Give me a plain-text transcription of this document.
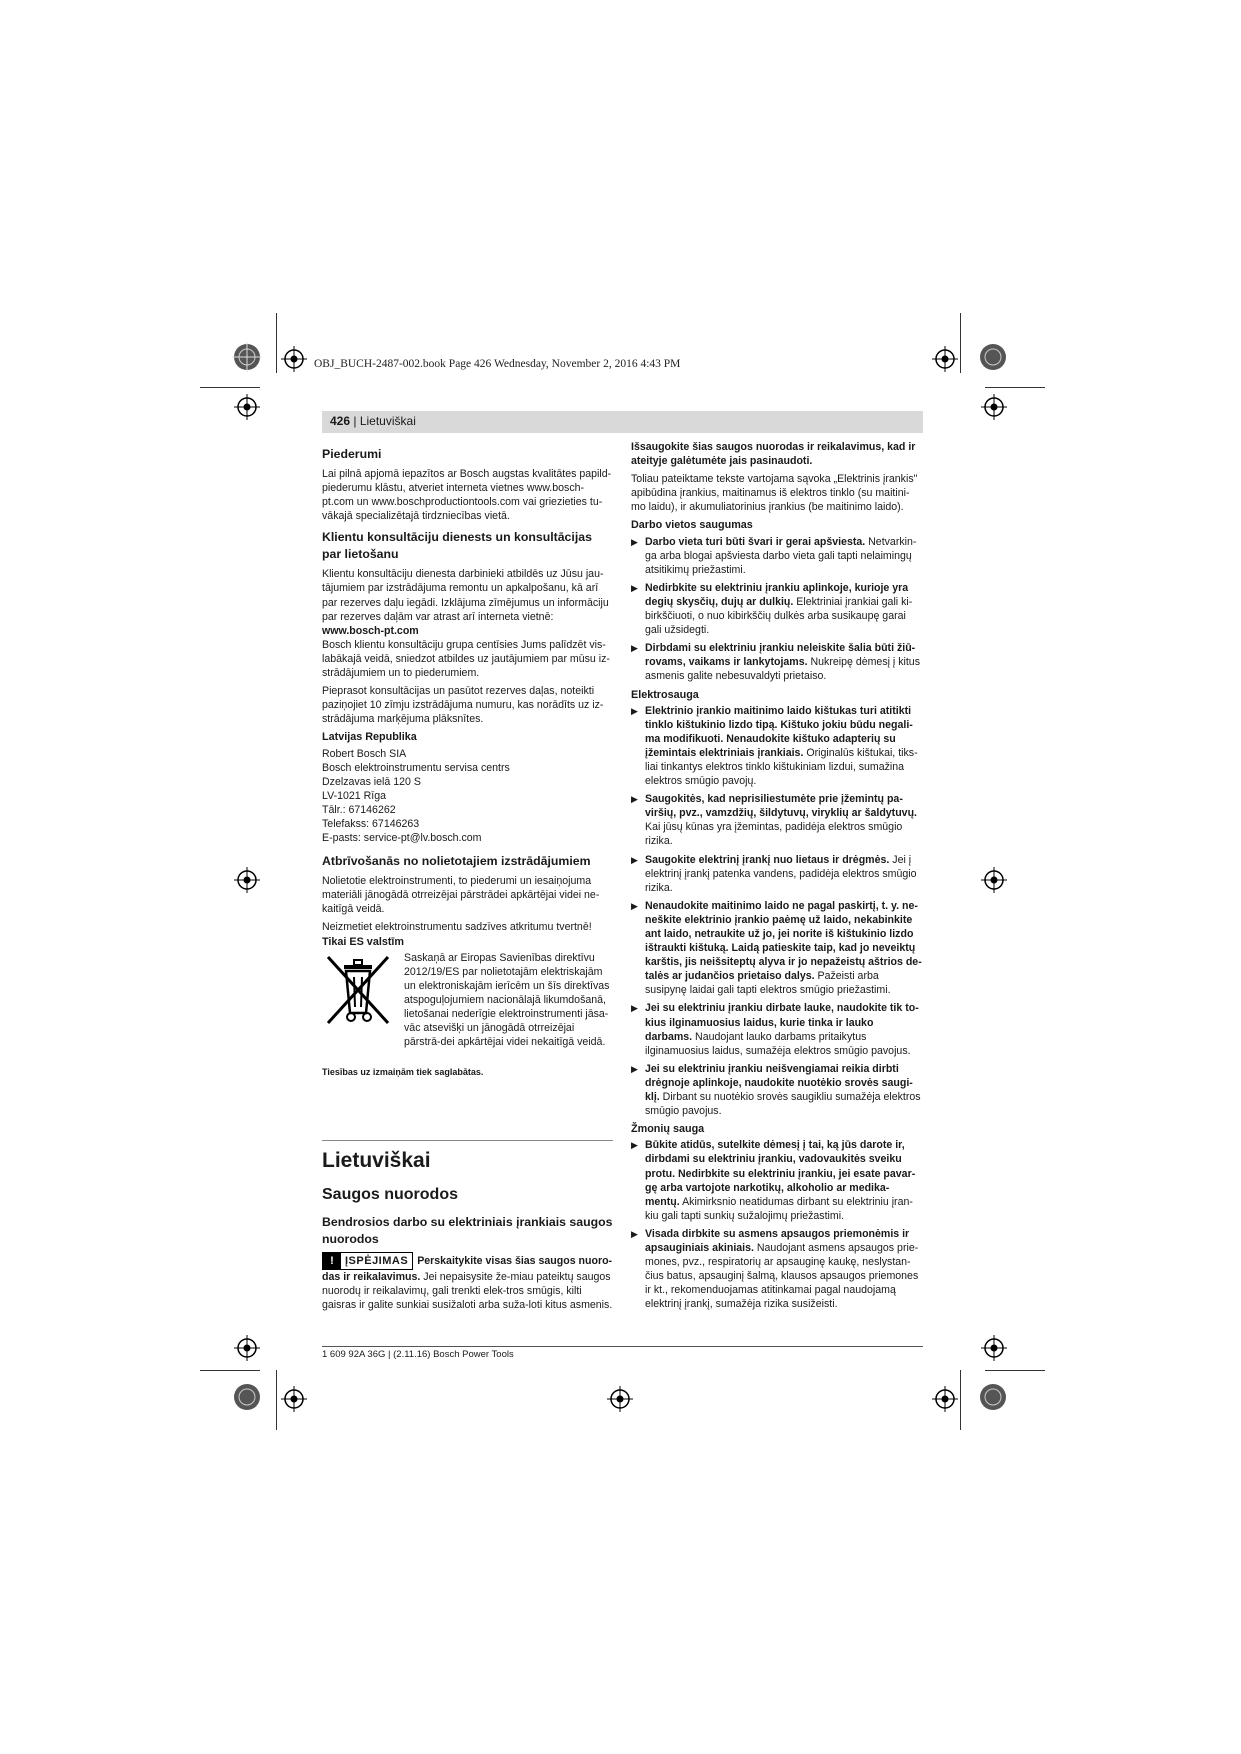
OBJ_BUCH-2487-002.book Page 426 Wednesday, November 2, 2016 4:43 PM
426 | Lietuviškai
Piederumi

Lai pilnā apjomā iepazītos ar Bosch augstas kvalitātes papild-piederumu klāstu, atveriet interneta vietnes www.bosch-pt.com un www.boschproductiontools.com vai griezieties tu-vākajā specializētajā tirdzniecības vietā.

Klientu konsultāciju dienests un konsultācijas par lietošanu

Klientu konsultāciju dienesta darbinieki atbildēs uz Jūsu jau-tājumiem par izstrādājuma remontu un apkalpošanu, kā arī par rezerves daļu iegādi. Izklājuma zīmējumus un informāciju par rezerves daļām var atrast arī interneta vietnē:
www.bosch-pt.com

Bosch klientu konsultāciju grupa centīsies Jums palīdzēt vis-labākajā veidā, sniedzot atbildes uz jautājumiem par mūsu iz-strādājumiem un to piederumiem.

Pieprasot konsultācijas un pasūtot rezerves daļas, noteikti paziņojiet 10 zīmju izstrādājuma numuru, kas norādīts uz iz-strādājuma marķējuma plāksnītes.

Latvijas Republika

Robert Bosch SIA

Bosch elektroinstrumentu servisa centrs

Dzelzavas ielā 120 S

LV-1021 Rīga

Tālr.: 67146262

Telefakss: 67146263

E-pasts: service-pt@lv.bosch.com

Atbrīvošanās no nolietotajiem izstrādājumiem

Nolietotie elektroinstrumenti, to piederumi un iesaiņojuma materiāli jānogādā otrreizējai pārstrādei apkārtējai videi ne-kaitīgā veidā.

Neizmetiet elektroinstrumentu sadzīves atkritumu tvertnē!

Tikai ES valstīm

Saskaņā ar Eiropas Savienības direktīvu 2012/19/ES par nolietotajām elektriskajām un elektroniskajām ierīcēm un šīs direktīvas atspoguļojumiem nacionālajā likumdošanā, lietošanai nederīgie elektroinstrumenti jāsa-vāc atsevišķi un jānogādā otrreizējai pārstrā-dei apkārtējai videi nekaitīgā veidā.

Tiesības uz izmaiņām tiek saglabātas.

Lietuviškai
Saugos nuorodos
Bendrosios darbo su elektriniais įrankiais saugos nuorodos

!	ĮSPĖJIMAS Perskaitykite visas šias saugos nuoro-das ir reikalavimus. Jei nepaisysite že-miau pateiktų saugos nuorodų ir reikalavimų, gali trenkti elek-tros smūgis, kilti gaisras ir galite sunkiai susižaloti arba suža-loti kitus asmenis.

Išsaugokite šias saugos nuorodas ir reikalavimus, kad ir ateityje galėtumėte jais pasinaudoti.

Toliau pateiktame tekste vartojama sąvoka „Elektrinis įrankis" apibūdina įrankius, maitinamus iš elektros tinklo (su maitini-mo laidu), ir akumuliatorinius įrankius (be maitinimo laido).

Darbo vietos saugumas
▶ Darbo vieta turi būti švari ir gerai apšviesta. Netvarkin-ga arba blogai apšviesta darbo vieta gali tapti nelaimingų atsitikimų priežastimi.
▶ Nedirbkite su elektriniu įrankiu aplinkoje, kurioje yra degių skysčių, dujų ar dulkių. Elektriniai įrankiai gali ki-birkščiuoti, o nuo kibirkščių dulkės arba susikaupę garai gali užsidegti.
▶ Dirbdami su elektriniu įrankiu neleiskite šalia būti žiū-rovams, vaikams ir lankytojams. Nukreipę dėmesį į kitus asmenis galite nebesuvaldyti prietaiso.
Elektrosauga
▶ Elektrinio įrankio maitinimo laido kištukas turi atitikti tinklo kištukinio lizdo tipą. Kištuko jokiu būdu negali-ma modifikuoti. Nenaudokite kištuko adapterių su įžemintais elektriniais įrankiais. Originalūs kištukai, tiks-liai tinkantys elektros tinklo kištukiniam lizdui, sumažina elektros smūgio pavojų.
▶ Saugokitės, kad neprisiliestumėte prie įžemintų pa-viršių, pvz., vamzdžių, šildytuvų, viryklių ar šaldytuvų. Kai jūsų kūnas yra įžemintas, padidėja elektros smūgio rizika.
▶ Saugokite elektrinį įrankį nuo lietaus ir drėgmės. Jei į elektrinį įrankį patenka vandens, padidėja elektros smūgio rizika.
▶ Nenaudokite maitinimo laido ne pagal paskirtį, t. y. ne-neškite elektrinio įrankio paėmę už laido, nekabinkite ant laido, netraukite už jo, jei norite iš kištukinio lizdo ištraukti kištuką. Laidą patieskite taip, kad jo neveiktų karštis, jis neišsiteptų alyva ir jo nepažeistų aštrios de-talės ar judančios prietaiso dalys. Pažeisti arba susipynę laidai gali tapti elektros smūgio priežastimi.
▶ Jei su elektriniu įrankiu dirbate lauke, naudokite tik to-kius ilginamuosius laidus, kurie tinka ir lauko darbams. Naudojant lauko darbams pritaikytus ilginamuosius laidus, sumažėja elektros smūgio pavojus.
▶ Jei su elektriniu įrankiu neišvengiamai reikia dirbti drėgnoje aplinkoje, naudokite nuotėkio srovės saugi-klį. Dirbant su nuotėkio srovės saugikliu sumažėja elektros smūgio pavojus.
Žmonių sauga
▶ Būkite atidūs, sutelkite dėmesį į tai, ką jūs darote ir, dirbdami su elektriniu įrankiu, vadovaukitės sveiku protu. Nedirbkite su elektriniu įrankiu, jei esate pavar-gę arba vartojote narkotikų, alkoholio ar medika-mentų. Akimirksnio neatidumas dirbant su elektriniu įran-kiu gali tapti sunkių sužalojimų priežastimi.
▶ Visada dirbkite su asmens apsaugos priemonėmis ir apsauginiais akiniais. Naudojant asmens apsaugos prie-mones, pvz., respiratorių ar apsauginę kaukę, neslystan-čius batus, apsauginį šalmą, klausos apsaugos priemones ir kt., rekomenduojamas atitinkamai pagal naudojamą elektrinį įrankį, sumažėja rizika susižeisti.
1 609 92A 36G | (2.11.16) Bosch Power Tools
